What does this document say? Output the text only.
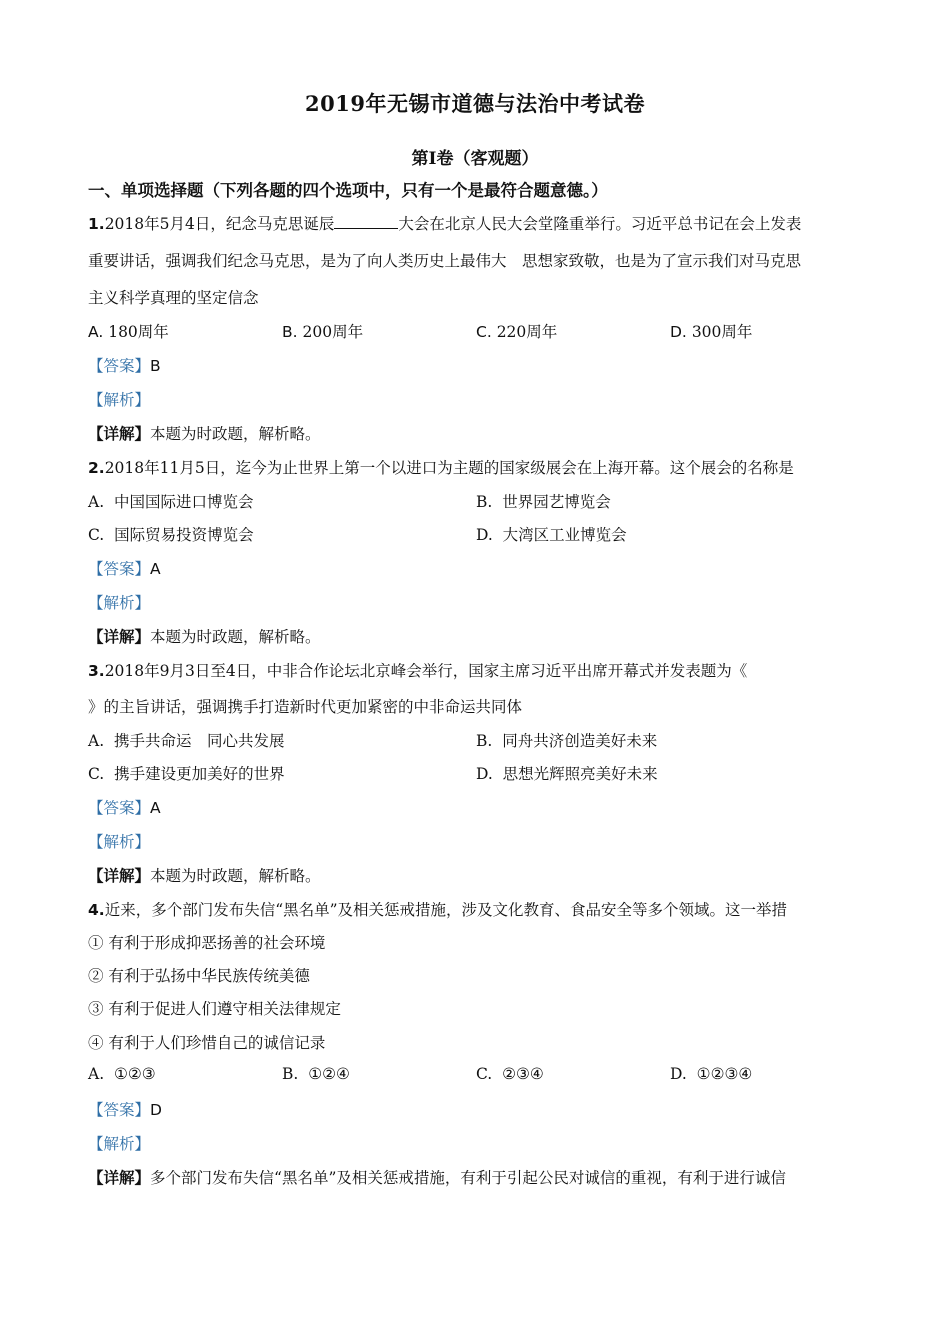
2019年无锡市道德与法治中考试卷
第Ⅰ卷（客观题）
一、单项选择题（下列各题的四个选项中，只有一个是最符合题意德。）
1.2018年5月4日，纪念马克思诞辰	大会在北京人民大会堂隆重举行。习近平总书记在会上发表
重要讲话，强调我们纪念马克思，是为了向人类历史上最伟大　思想家致敬，也是为了宣示我们对马克思
主义科学真理的坚定信念
A. 180周年	B. 200周年	C. 220周年	D. 300周年
【答案】B
【解析】
【详解】本题为时政题，解析略。
2.2018年11月5日，迄今为止世界上第一个以进口为主题的国家级展会在上海开幕。这个展会的名称是
A. 中国国际进口博览会	B. 世界园艺博览会
C. 国际贸易投资博览会	D. 大湾区工业博览会
【答案】A
【解析】
【详解】本题为时政题，解析略。
3.2018年9月3日至4日，中非合作论坛北京峰会举行，国家主席习近平出席开幕式并发表题为《
》的主旨讲话，强调携手打造新时代更加紧密的中非命运共同体
A. 携手共命运　同心共发展	B. 同舟共济创造美好未来
C. 携手建设更加美好的世界	D. 思想光辉照亮美好未来
【答案】A
【解析】
【详解】本题为时政题，解析略。
4.近来，多个部门发布失信“黑名单”及相关惩戒措施，涉及文化教育、食品安全等多个领域。这一举措
① 有利于形成抑恶扬善的社会环境
② 有利于弘扬中华民族传统美德
③ 有利于促进人们遵守相关法律规定
④ 有利于人们珍惜自己的诚信记录
A. ①②③	B. ①②④	C. ②③④	D. ①②③④
【答案】D
【解析】
【详解】多个部门发布失信“黑名单”及相关惩戒措施，有利于引起公民对诚信的重视，有利于进行诚信
